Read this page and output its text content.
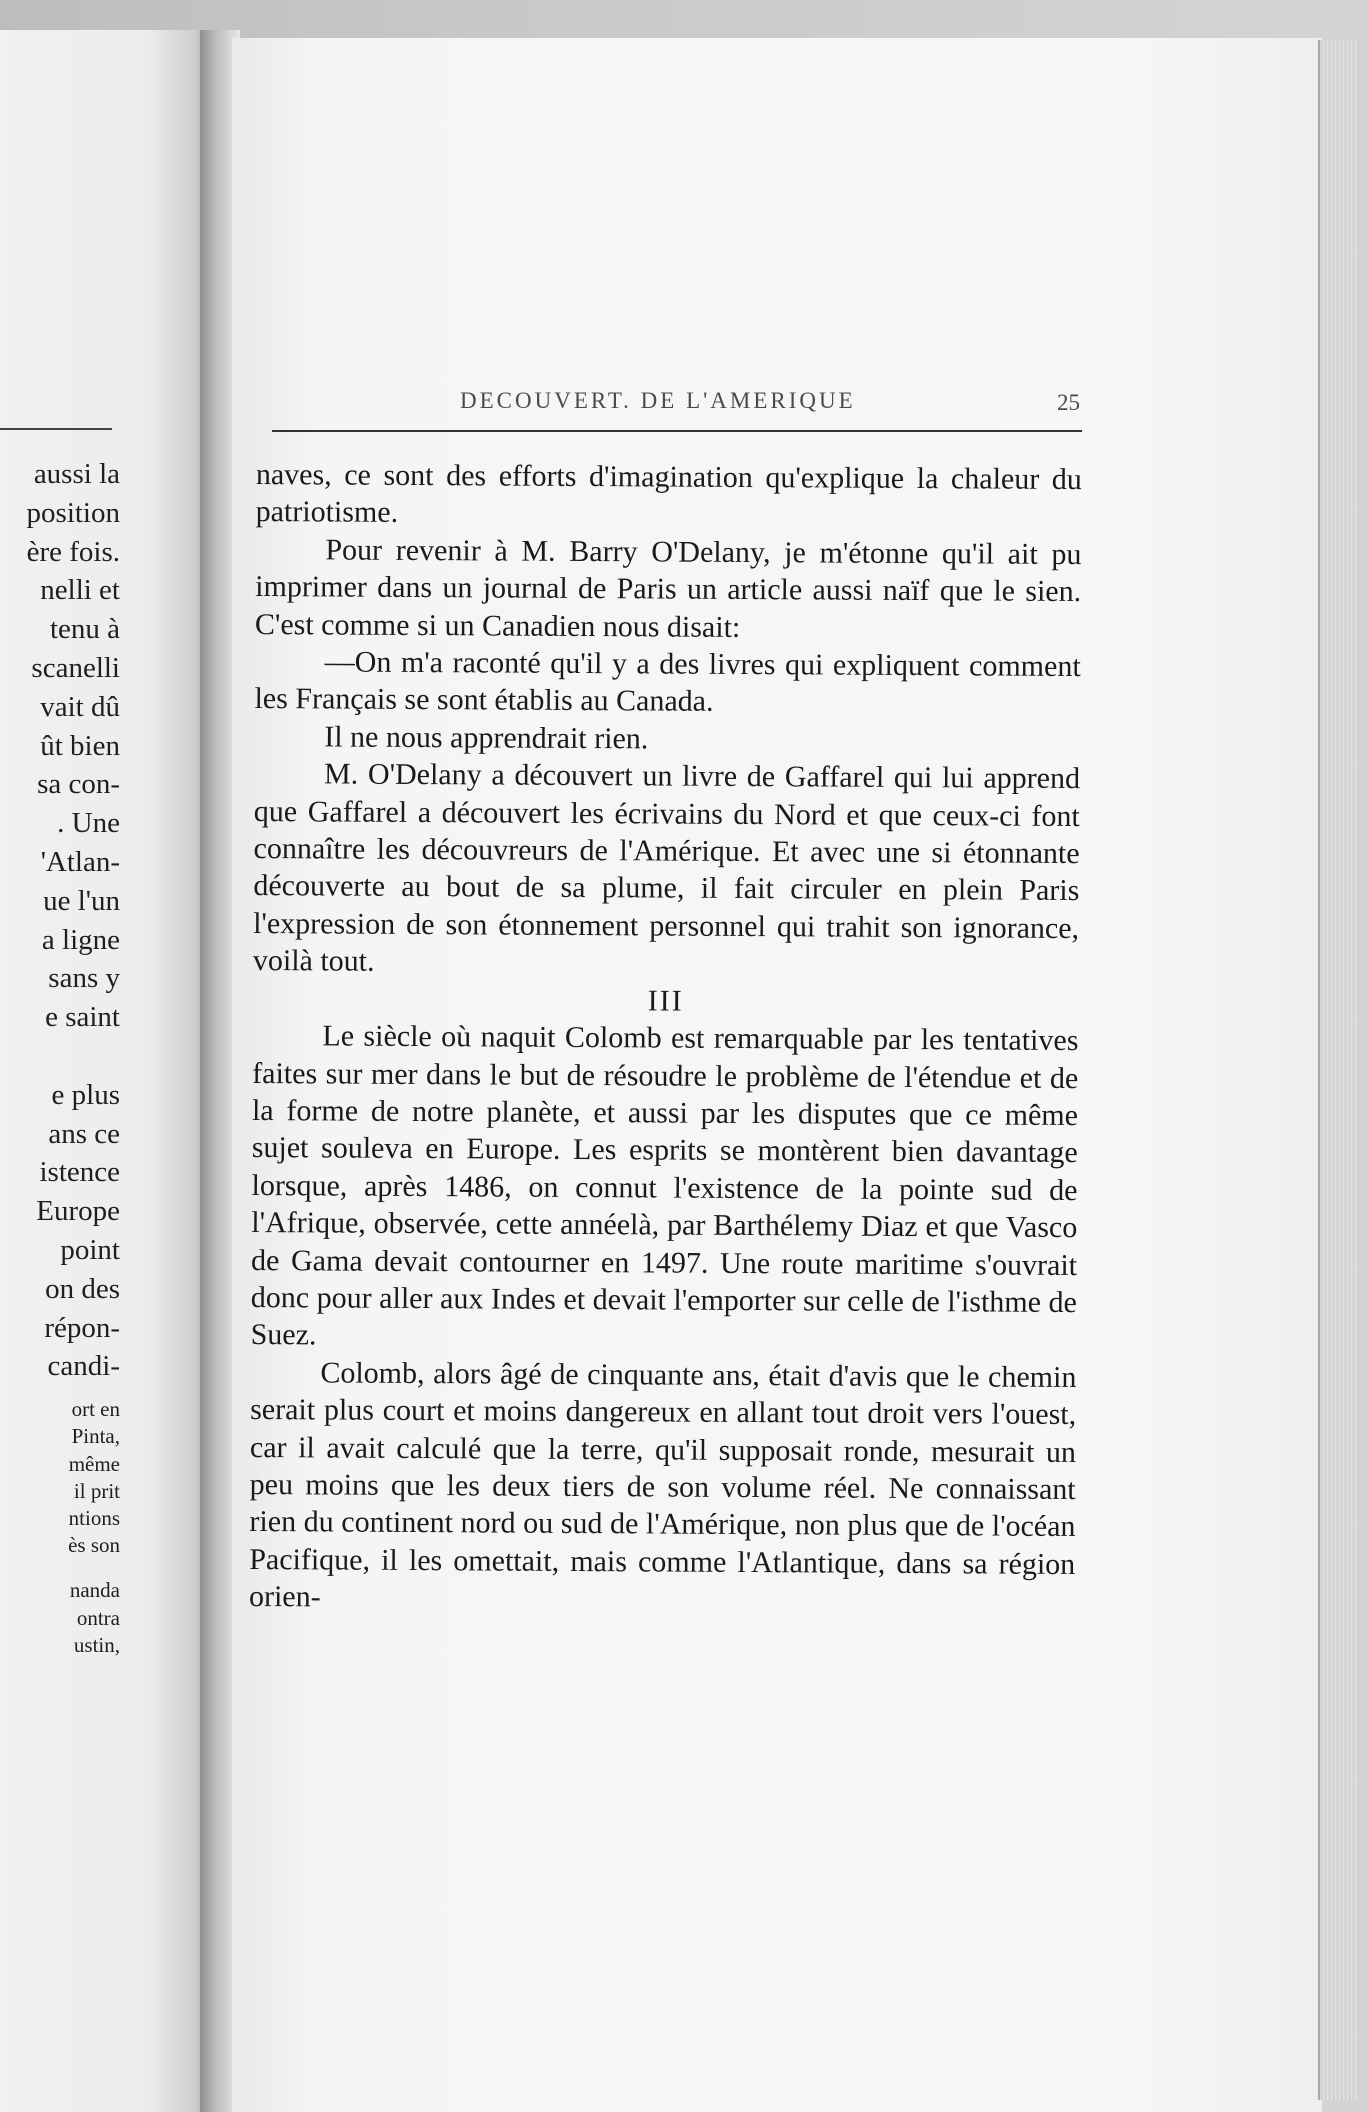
aussi la
position
ère fois.
nelli et
tenu à
scanelli
vait dû
ût bien
sa con-
. Une
'Atlan-
ue l'un
a ligne
sans y
e saint
e plus
ans ce
istence
Europe
point
on des
répon-
candi-
ort en
Pinta,
même
il prit
ntions
ès son
nanda
ontra
ustin,
DECOUVERT. DE L'AMERIQUE	25

naves, ce sont des efforts d'imagination qu'explique la chaleur du patriotisme.

Pour revenir à M. Barry O'Delany, je m'étonne qu'il ait pu imprimer dans un journal de Paris un article aussi naïf que le sien. C'est comme si un Canadien nous disait:

—On m'a raconté qu'il y a des livres qui expliquent comment les Français se sont établis au Canada.

Il ne nous apprendrait rien.

M. O'Delany a découvert un livre de Gaffarel qui lui apprend que Gaffarel a découvert les écrivains du Nord et que ceux-ci font connaître les découvreurs de l'Amérique. Et avec une si étonnante découverte au bout de sa plume, il fait circuler en plein Paris l'expression de son étonnement personnel qui trahit son ignorance, voilà tout.

III

Le siècle où naquit Colomb est remarquable par les tentatives faites sur mer dans le but de résoudre le problème de l'étendue et de la forme de notre planète, et aussi par les disputes que ce même sujet souleva en Europe. Les esprits se montèrent bien davantage lorsque, après 1486, on connut l'existence de la pointe sud de l'Afrique, observée, cette annéelà, par Barthélemy Diaz et que Vasco de Gama devait contourner en 1497. Une route maritime s'ouvrait donc pour aller aux Indes et devait l'emporter sur celle de l'isthme de Suez.

Colomb, alors âgé de cinquante ans, était d'avis que le chemin serait plus court et moins dangereux en allant tout droit vers l'ouest, car il avait calculé que la terre, qu'il supposait ronde, mesurait un peu moins que les deux tiers de son volume réel. Ne connaissant rien du continent nord ou sud de l'Amérique, non plus que de l'océan Pacifique, il les omettait, mais comme l'Atlantique, dans sa région orien-
